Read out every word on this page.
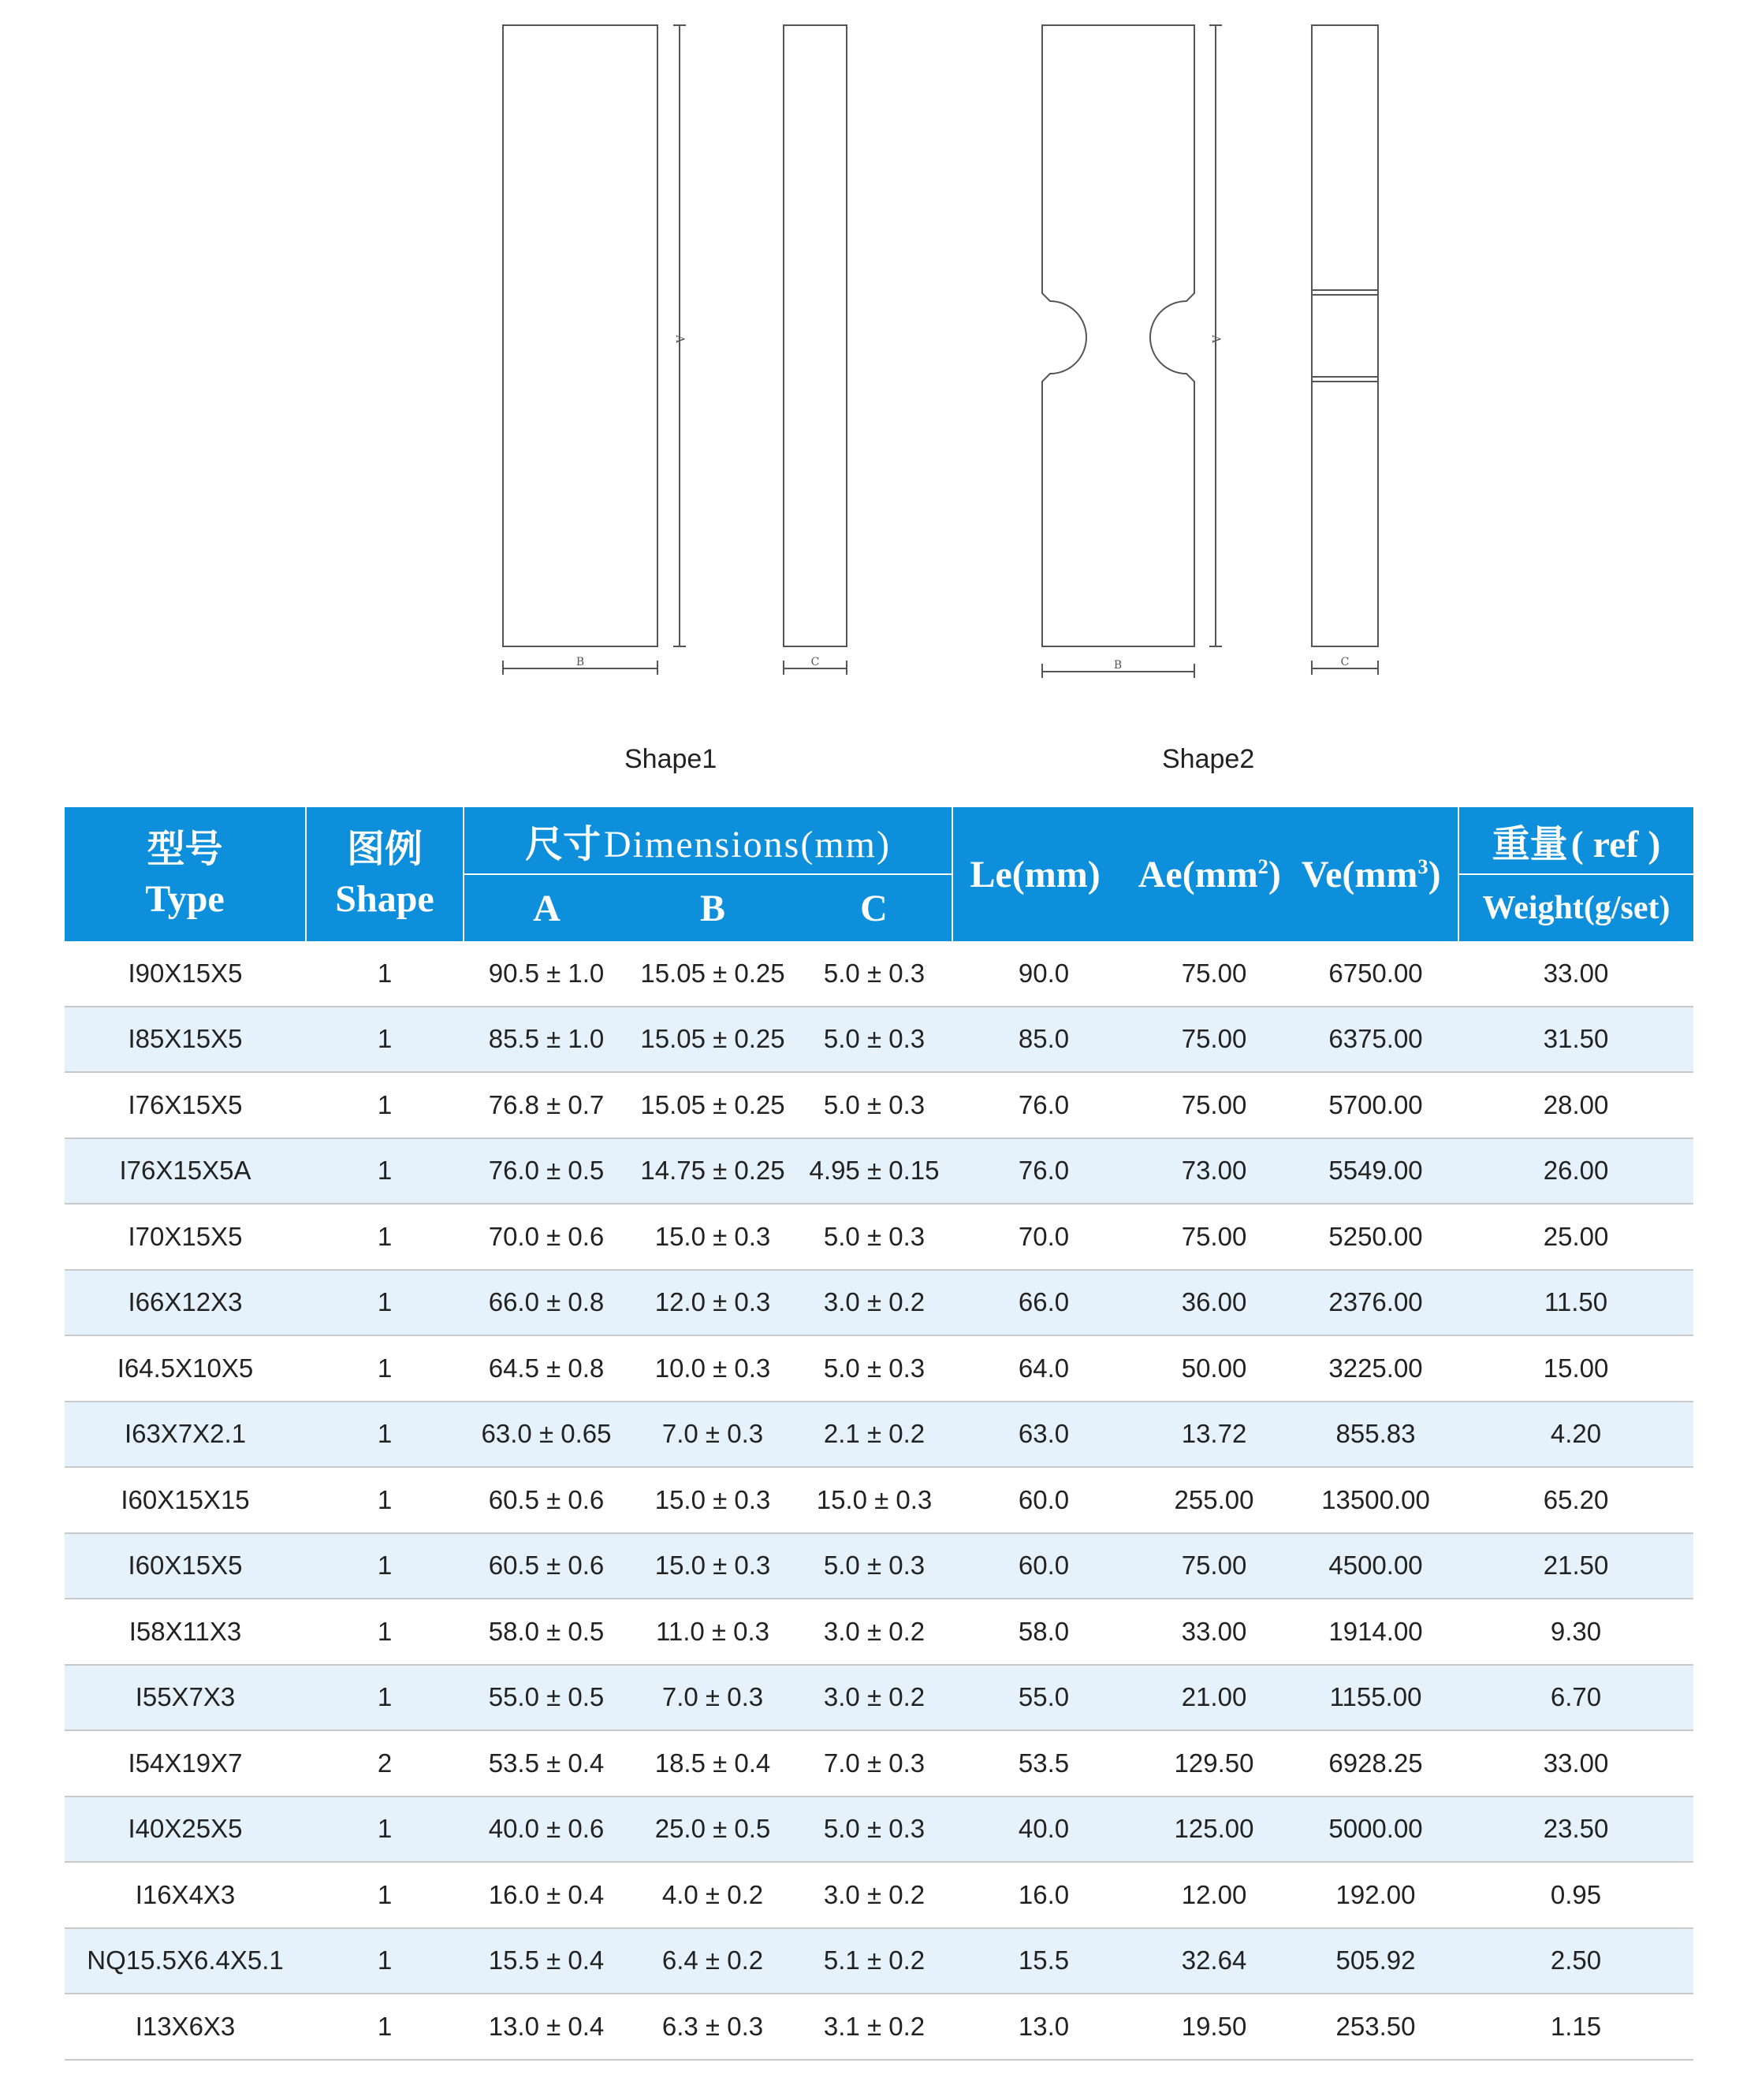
A
B	C
A
B	C
Shape1	Shape2
型号
Type	图例
Shape	尺寸 Dimensions(mm)			Le(mm) $Ae(mm^2)$ $Ve(mm^3)$			重量 ( ref )
		A	B	C				Weight(g/set)
I90X15X5	1	90.5 ± 1.0	15.05 ± 0.25	5.0 ± 0.3	90.0	75.00	6750.00	33.00
I85X15X5	1	85.5 ± 1.0	15.05 ± 0.25	5.0 ± 0.3	85.0	75.00	6375.00	31.50
I76X15X5	1	76.8 ± 0.7	15.05 ± 0.25	5.0 ± 0.3	76.0	75.00	5700.00	28.00
I76X15X5A	1	76.0 ± 0.5	14.75 ± 0.25	4.95 ± 0.15	76.0	73.00	5549.00	26.00
I70X15X5	1	70.0 ± 0.6	15.0 ± 0.3	5.0 ± 0.3	70.0	75.00	5250.00	25.00
I66X12X3	1	66.0 ± 0.8	12.0 ± 0.3	3.0 ± 0.2	66.0	36.00	2376.00	11.50
I64.5X10X5	1	64.5 ± 0.8	10.0 ± 0.3	5.0 ± 0.3	64.0	50.00	3225.00	15.00
I63X7X2.1	1	63.0 ± 0.65	7.0 ± 0.3	2.1 ± 0.2	63.0	13.72	855.83	4.20
I60X15X15	1	60.5 ± 0.6	15.0 ± 0.3	15.0 ± 0.3	60.0	255.00	13500.00	65.20
I60X15X5	1	60.5 ± 0.6	15.0 ± 0.3	5.0 ± 0.3	60.0	75.00	4500.00	21.50
I58X11X3	1	58.0 ± 0.5	11.0 ± 0.3	3.0 ± 0.2	58.0	33.00	1914.00	9.30
I55X7X3	1	55.0 ± 0.5	7.0 ± 0.3	3.0 ± 0.2	55.0	21.00	1155.00	6.70
I54X19X7	2	53.5 ± 0.4	18.5 ± 0.4	7.0 ± 0.3	53.5	129.50	6928.25	33.00
I40X25X5	1	40.0 ± 0.6	25.0 ± 0.5	5.0 ± 0.3	40.0	125.00	5000.00	23.50
I16X4X3	1	16.0 ± 0.4	4.0 ± 0.2	3.0 ± 0.2	16.0	12.00	192.00	0.95
NQ15.5X6.4X5.1	1	15.5 ± 0.4	6.4 ± 0.2	5.1 ± 0.2	15.5	32.64	505.92	2.50
I13X6X3	1	13.0 ± 0.4	6.3 ± 0.3	3.1 ± 0.2	13.0	19.50	253.50	1.15
